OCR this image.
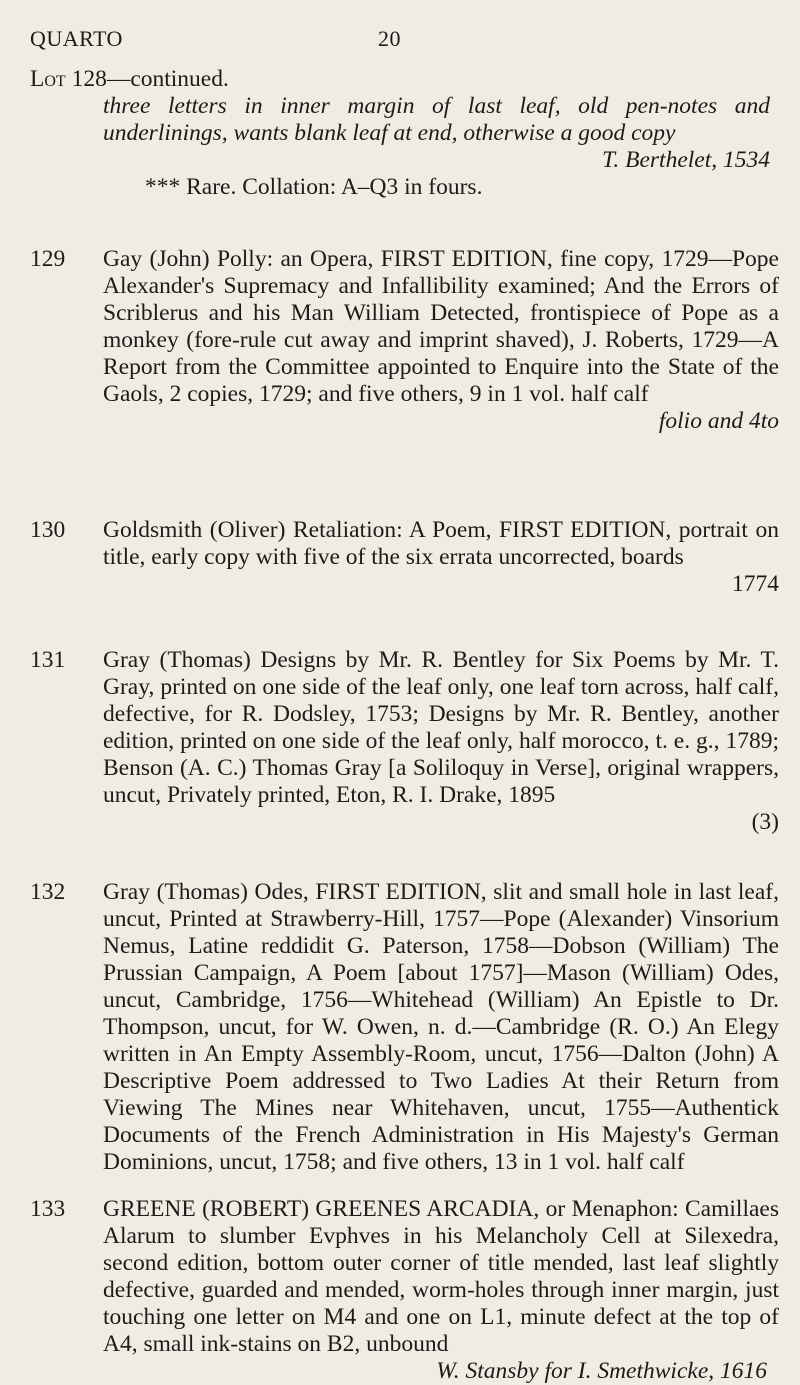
QUARTO	20
Lot 128—continued.

three letters in inner margin of last leaf, old pen-notes and underlinings, wants blank leaf at end, otherwise a good copy

T. Berthelet, 1534

*** Rare. Collation: A–Q3 in fours.

129 Gay (John) Polly: an Opera, FIRST EDITION, fine copy, 1729—Pope Alexander's Supremacy and Infallibility examined; And the Errors of Scriblerus and his Man William Detected, frontispiece of Pope as a monkey (fore-rule cut away and imprint shaved), J. Roberts, 1729—A Report from the Committee appointed to Enquire into the State of the Gaols, 2 copies, 1729; and five others, 9 in 1 vol. half calf

folio and 4to
130 Goldsmith (Oliver) Retaliation: A Poem, FIRST EDITION, portrait on title, early copy with five of the six errata uncorrected, boards

1774
131 Gray (Thomas) Designs by Mr. R. Bentley for Six Poems by Mr. T. Gray, printed on one side of the leaf only, one leaf torn across, half calf, defective, for R. Dodsley, 1753; Designs by Mr. R. Bentley, another edition, printed on one side of the leaf only, half morocco, t. e. g., 1789; Benson (A. C.) Thomas Gray [a Soliloquy in Verse], original wrappers, uncut, Privately printed, Eton, R. I. Drake, 1895

(3)
132 Gray (Thomas) Odes, FIRST EDITION, slit and small hole in last leaf, uncut, Printed at Strawberry-Hill, 1757—Pope (Alexander) Vinsorium Nemus, Latine reddidit G. Paterson, 1758—Dobson (William) The Prussian Campaign, A Poem [about 1757]—Mason (William) Odes, uncut, Cambridge, 1756—Whitehead (William) An Epistle to Dr. Thompson, uncut, for W. Owen, n. d.—Cambridge (R. O.) An Elegy written in An Empty Assembly-Room, uncut, 1756—Dalton (John) A Descriptive Poem addressed to Two Ladies At their Return from Viewing The Mines near Whitehaven, uncut, 1755—Authentick Documents of the French Administration in His Majesty's German Dominions, uncut, 1758; and five others, 13 in 1 vol. half calf

133 GREENE (ROBERT) GREENES ARCADIA, or Menaphon: Camillaes Alarum to slumber Evphves in his Melancholy Cell at Silexedra, second edition, bottom outer corner of title mended, last leaf slightly defective, guarded and mended, worm-holes through inner margin, just touching one letter on M4 and one on L1, minute defect at the top of A4, small ink-stains on B2, unbound

W. Stansby for I. Smethwicke, 1616
